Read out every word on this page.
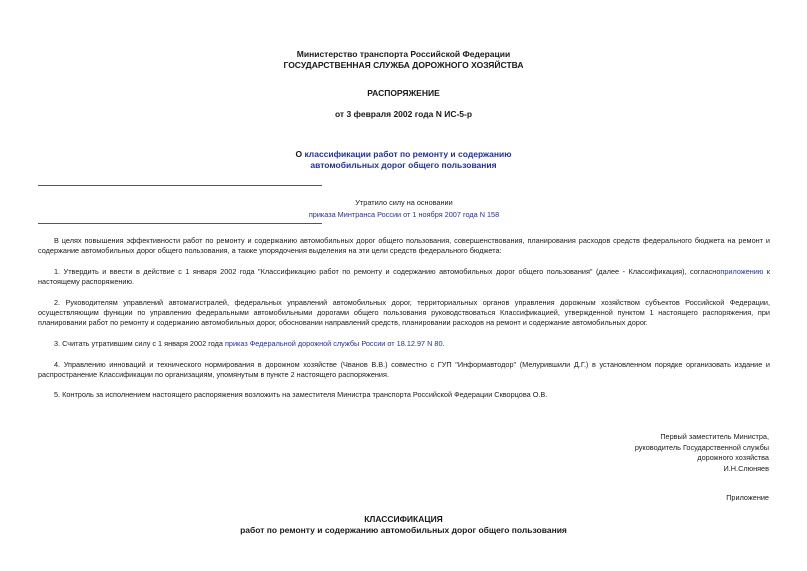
Министерство транспорта Российской Федерации
ГОСУДАРСТВЕННАЯ СЛУЖБА ДОРОЖНОГО ХОЗЯЙСТВА
РАСПОРЯЖЕНИЕ
от 3 февраля 2002 года N ИС-5-р
О классификации работ по ремонту и содержанию
автомобильных дорог общего пользования
Утратило силу на основании
приказа Минтранса России от 1 ноября 2007 года N 158
В целях повышения эффективности работ по ремонту и содержанию автомобильных дорог общего пользования, совершенствования, планирования расходов средств федерального бюджета на ремонт и содержание автомобильных дорог общего пользования, а также упорядочения выделения на эти цели средств федерального бюджета:
1. Утвердить и ввести в действие с 1 января 2002 года "Классификацию работ по ремонту и содержанию автомобильных дорог общего пользования" (далее - Классификация), согласноприложению к настоящему распоряжению.
2. Руководителям управлений автомагистралей, федеральных управлений автомобильных дорог, территориальных органов управления дорожным хозяйством субъектов Российской Федерации, осуществляющим функции по управлению федеральными автомобильными дорогами общего пользования руководствоваться Классификацией, утвержденной пунктом 1 настоящего распоряжения, при планировании работ по ремонту и содержанию автомобильных дорог, обосновании направлений средств, планировании расходов на ремонт и содержание автомобильных дорог.
3. Считать утратившим силу с 1 января 2002 года приказ Федеральной дорожной службы России от 18.12.97 N 80.
4. Управлению инноваций и технического нормирования в дорожном хозяйстве (Чванов В.В.) совместно с ГУП "Информавтодор" (Мелурившили Д.Г.) в установленном порядке организовать издание и распространение Классификации по организациям, упомянутым в пункте 2 настоящего распоряжения.
5. Контроль за исполнением настоящего распоряжения возложить на заместителя Министра транспорта Российской Федерации Скворцова О.В.
Первый заместитель Министра,
руководитель Государственной службы
дорожного хозяйства
И.Н.Слюняев
Приложение
КЛАССИФИКАЦИЯ
работ по ремонту и содержанию автомобильных дорог общего пользования
